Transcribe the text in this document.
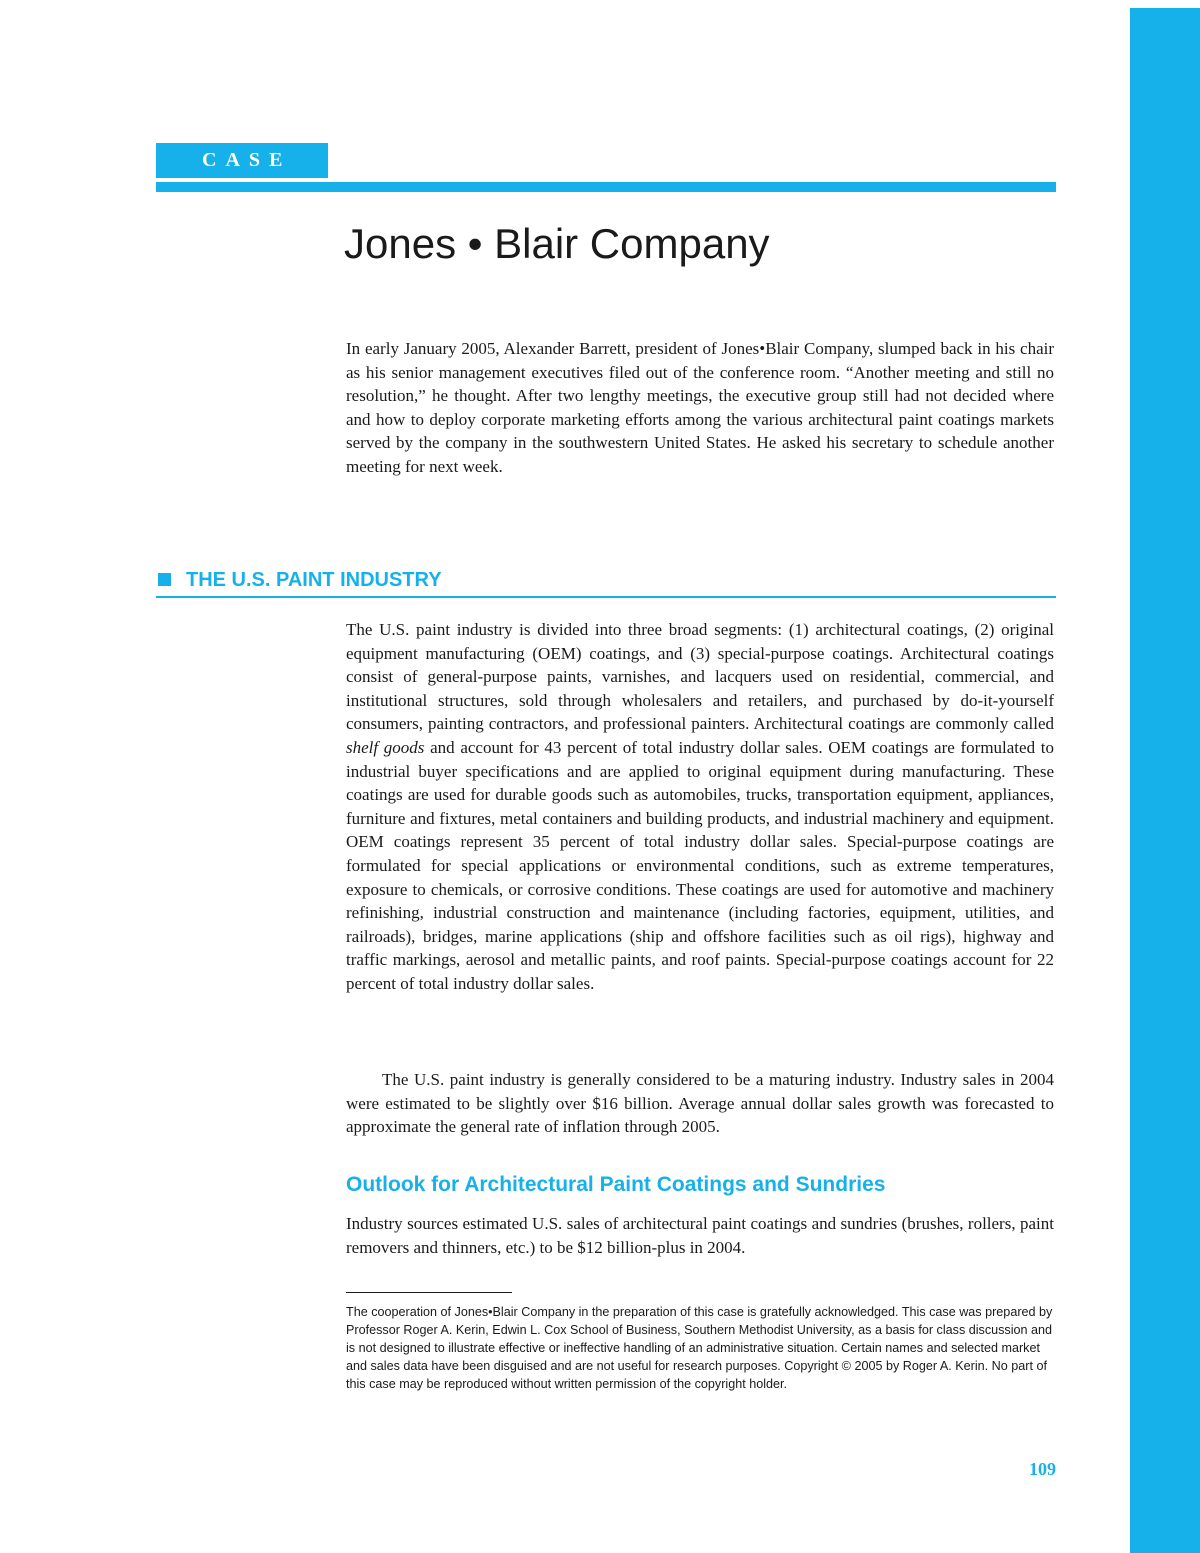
CASE
Jones • Blair Company

In early January 2005, Alexander Barrett, president of Jones•Blair Company, slumped back in his chair as his senior management executives filed out of the conference room. “Another meeting and still no resolution,” he thought. After two lengthy meetings, the executive group still had not decided where and how to deploy corporate marketing efforts among the various architectural paint coatings markets served by the company in the southwestern United States. He asked his secretary to schedule another meeting for next week.

THE U.S. PAINT INDUSTRY

The U.S. paint industry is divided into three broad segments: (1) architectural coatings, (2) original equipment manufacturing (OEM) coatings, and (3) special-purpose coatings. Architectural coatings consist of general-purpose paints, varnishes, and lacquers used on residential, commercial, and institutional structures, sold through wholesalers and retailers, and purchased by do-it-yourself consumers, painting contractors, and professional painters. Architectural coatings are commonly called shelf goods and account for 43 percent of total industry dollar sales. OEM coatings are formulated to industrial buyer specifications and are applied to original equipment during manufacturing. These coatings are used for durable goods such as automobiles, trucks, transportation equipment, appliances, furniture and fixtures, metal containers and building products, and industrial machinery and equipment. OEM coatings represent 35 percent of total industry dollar sales. Special-purpose coatings are formulated for special applications or environmental conditions, such as extreme temperatures, exposure to chemicals, or corrosive conditions. These coatings are used for automotive and machinery refinishing, industrial construction and maintenance (including factories, equipment, utilities, and railroads), bridges, marine applications (ship and offshore facilities such as oil rigs), highway and traffic markings, aerosol and metallic paints, and roof paints. Special-purpose coatings account for 22 percent of total industry dollar sales.

The U.S. paint industry is generally considered to be a maturing industry. Industry sales in 2004 were estimated to be slightly over $16 billion. Average annual dollar sales growth was forecasted to approximate the general rate of inflation through 2005.

Outlook for Architectural Paint Coatings and Sundries

Industry sources estimated U.S. sales of architectural paint coatings and sundries (brushes, rollers, paint removers and thinners, etc.) to be $12 billion-plus in 2004.

The cooperation of Jones•Blair Company in the preparation of this case is gratefully acknowledged. This case was prepared by Professor Roger A. Kerin, Edwin L. Cox School of Business, Southern Methodist University, as a basis for class discussion and is not designed to illustrate effective or ineffective handling of an administrative situation. Certain names and selected market and sales data have been disguised and are not useful for research purposes. Copyright © 2005 by Roger A. Kerin. No part of this case may be reproduced without written permission of the copyright holder.

109
